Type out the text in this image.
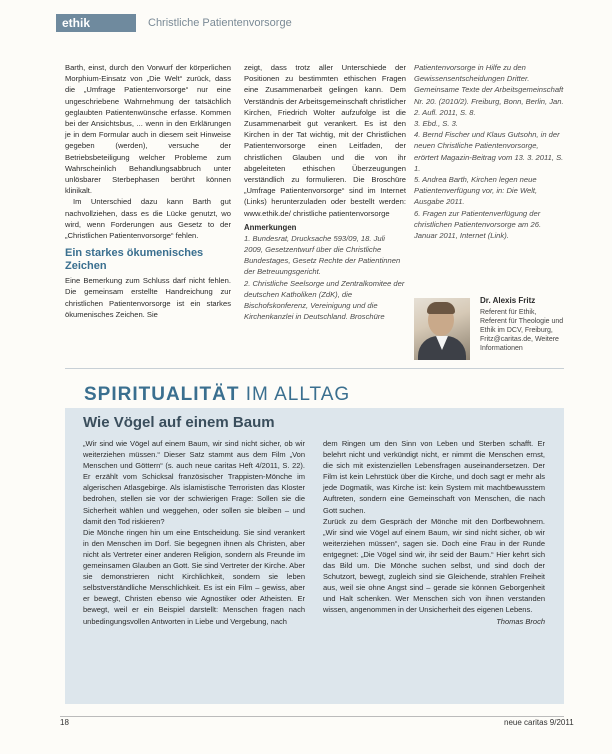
ethik	Christliche Patientenvorsorge

Barth, einst, durch den Vorwurf der körperlichen Morphium-Einsatz von „Die Welt“ zurück, dass die „Umfrage Patientenvorsorge“ nur eine ungeschriebene Wahrnehmung der tatsächlich geglaubten Patientenwünsche erfasse. Kommen bei der Ansichtsbus, ... wenn in den Erklärungen je in dem Formular auch in diesem seit Hinweise gegeben (werden), versuche der Betriebsbeteiligung welcher Probleme zum Wahrscheinlich Behandlungsabbruch unter unlösbarer Sterbephasen berührt können klinikalt.

Im Unterschied dazu kann Barth gut nachvollziehen, dass es die Lücke genutzt, wo wird, wenn Forderungen aus Gesetz to der „Christlichen Patientenvorsorge“ fehlen.

Ein starkes ökumenisches Zeichen

Eine Bemerkung zum Schluss darf nicht fehlen. Die gemeinsam erstellte Handreichung zur christlichen Patientenvorsorge ist ein starkes ökumenisches Zeichen. Sie

zeigt, dass trotz aller Unterschiede der Positionen zu bestimmten ethischen Fragen eine Zusammenarbeit gelingen kann. Dem Verständnis der Arbeitsgemeinschaft christlicher Kirchen, Friedrich Wolter aufzufolge ist die Zusammenarbeit gut verankert. Es ist den Kirchen in der Tat wichtig, mit der Christlichen Patientenvorsorge einen Leitfaden, der christlichen Glauben und die von ihr abgeleiteten ethischen Überzeugungen verständlich zu formulieren. Die Broschüre „Umfrage Patientenvorsorge“ sind im Internet (Links) herunterzuladen oder bestellt werden: www.ethik.de/ christliche patientenvorsorge

Anmerkungen

1. Bundesrat, Drucksache 593/09, 18. Juli 2009, Gesetzentwurf über die Christliche Bundestages, Gesetz Rechte der Patientinnen der Betreuungsgericht.

2. Christliche Seelsorge und Zentralkomitee der deutschen Katholiken (ZdK), die Bischofskonferenz, Vereinigung und die Kirchenkanzlei in Deutschland. Broschüre

Patientenvorsorge in Hilfe zu den Gewissensentscheidungen Dritter. Gemeinsame Texte der Arbeitsgemeinschaft Nr. 20. (2010/2). Freiburg, Bonn, Berlin, Jan. 2. Aufl. 2011, S. 8.

3. Ebd., S. 3.

4. Bernd Fischer und Klaus Gutsohn, in der neuen Christliche Patientenvorsorge, erörtert Magazin-Beitrag vom 13. 3. 2011, S. 1.

5. Andrea Barth, Kirchen legen neue Patientenverfügung vor, in: Die Welt, Ausgabe 2011.

6. Fragen zur Patientenverfügung der christlichen Patientenvorsorge am 26. Januar 2011, Internet (Link).

Dr. Alexis Fritz
Referent für Ethik, Referent für Theologie und Ethik im DCV, Freiburg, Fritz@caritas.de, Weitere Informationen
SPIRITUALITÄT IM ALLTAG
Wie Vögel auf einem Baum

„Wir sind wie Vögel auf einem Baum, wir sind nicht sicher, ob wir weiterziehen müssen.“ Dieser Satz stammt aus dem Film „Von Menschen und Göttern“ (s. auch neue caritas Heft 4/2011, S. 22). Er erzählt vom Schicksal französischer Trappisten-Mönche im algerischen Atlasgebirge. Als islamistische Terroristen das Kloster bedrohen, stellen sie vor der schwierigen Frage: Sollen sie die Sicherheit wählen und weggehen, oder sollen sie bleiben – und damit den Tod riskieren?

Die Mönche ringen hin um eine Entscheidung. Sie sind verankert in den Menschen im Dorf. Sie begegnen ihnen als Christen, aber nicht als Vertreter einer anderen Religion, sondern als Freunde im gemeinsamen Glauben an Gott. Sie sind Vertreter der Kirche. Aber sie demonstrieren nicht Kirchlichkeit, sondern sie leben selbstverständliche Menschlichkeit. Es ist ein Film – gewiss, aber er bewegt, Christen ebenso wie Agnostiker oder Atheisten. Er bewegt, weil er ein Beispiel darstellt: Menschen fragen nach unbedingungsvollen Antworten in Liebe und Vergebung, nach

dem Ringen um den Sinn von Leben und Sterben schafft. Er belehrt nicht und verkündigt nicht, er nimmt die Menschen ernst, die sich mit existenziellen Lebensfragen auseinandersetzen. Der Film ist kein Lehrstück über die Kirche, und doch sagt er mehr als jede Dogmatik, was Kirche ist: kein System mit machtbewusstem Auftreten, sondern eine Gemeinschaft von Menschen, die nach Gott suchen.

Zurück zu dem Gespräch der Mönche mit den Dorfbewohnern. „Wir sind wie Vögel auf einem Baum, wir sind nicht sicher, ob wir weiterziehen müssen“, sagen sie. Doch eine Frau in der Runde entgegnet: „Die Vögel sind wir, ihr seid der Baum.“ Hier kehrt sich das Bild um. Die Mönche suchen selbst, und sind doch der Schutzort, bewegt, zugleich sind sie Gleichende, strahlen Freiheit aus, weil sie ohne Angst sind – gerade sie können Geborgenheit und Halt schenken. Wer Menschen sich von ihnen verstanden wissen, angenommen in der Unsicherheit des eigenen Lebens.

Thomas Broch

18	neue caritas 9/2011
